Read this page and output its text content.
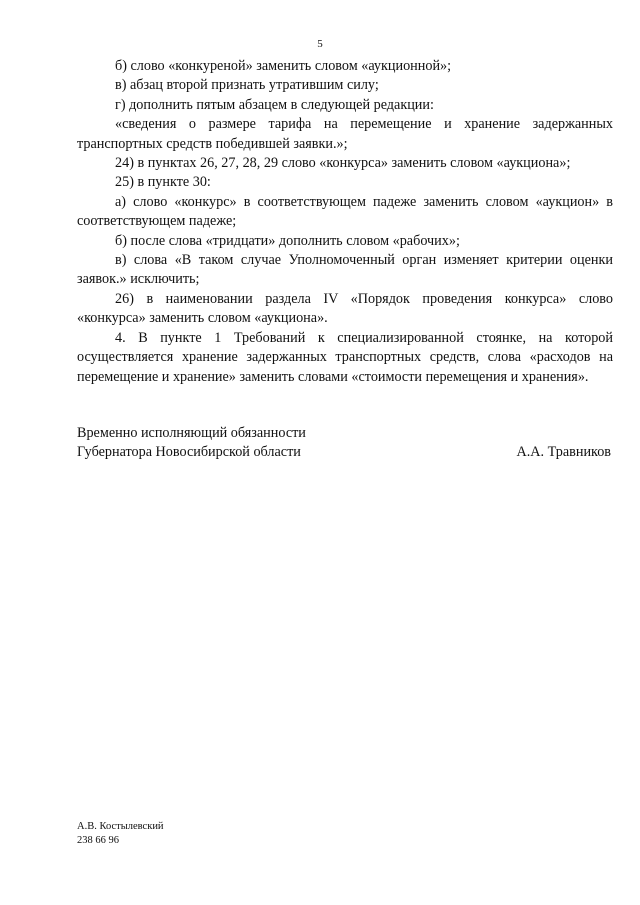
5

б) слово «конкуреной» заменить словом «аукционной»;

в) абзац второй признать утратившим силу;

г) дополнить пятым абзацем в следующей редакции:

«сведения о размере тарифа на перемещение и хранение задержанных транспортных средств победившей заявки.»;

24) в пунктах 26, 27, 28, 29 слово «конкурса» заменить словом «аукциона»;

25) в пункте 30:

а) слово «конкурс» в соответствующем падеже заменить словом «аукцион» в соответствующем падеже;

б) после слова «тридцати» дополнить словом «рабочих»;

в) слова «В таком случае Уполномоченный орган изменяет критерии оценки заявок.» исключить;

26) в наименовании раздела IV «Порядок проведения конкурса» слово «конкурса» заменить словом «аукциона».

4. В пункте 1 Требований к специализированной стоянке, на которой осуществляется хранение задержанных транспортных средств, слова «расходов на перемещение и хранение» заменить словами «стоимости перемещения и хранения».

Временно исполняющий обязанности
Губернатора Новосибирской области	А.А. Травников
А.В. Костылевский
238 66 96
